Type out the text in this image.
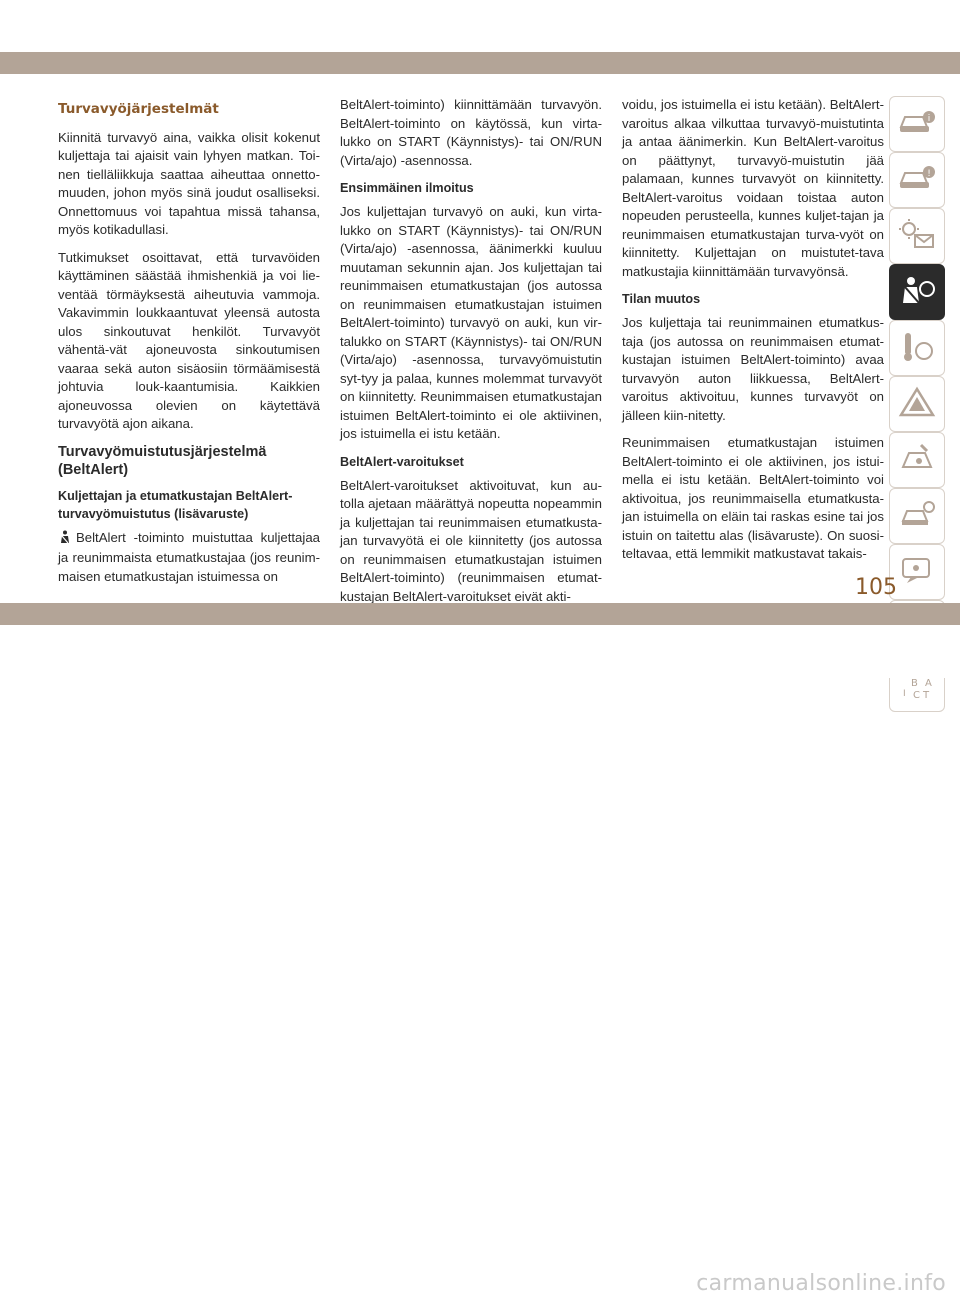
Turvavyöjärjestelmät

Kiinnitä turvavyö aina, vaikka olisit kokenut kuljettaja tai ajaisit vain lyhyen matkan. Toi-nen tielläliikkuja saattaa aiheuttaa onnetto-muuden, johon myös sinä joudut osalliseksi. Onnettomuus voi tapahtua missä tahansa, myös kotikadullasi.

Tutkimukset osoittavat, että turvavöiden käyttäminen säästää ihmishenkiä ja voi lie-ventää törmäyksestä aiheutuvia vammoja. Vakavimmin loukkaantuvat yleensä autosta ulos sinkoutuvat henkilöt. Turvavyöt vähentä-vät ajoneuvosta sinkoutumisen vaaraa sekä auton sisäosiin törmäämisestä johtuvia louk-kaantumisia. Kaikkien ajoneuvossa olevien on käytettävä turvavyötä ajon aikana.

Turvavyömuistutusjärjestelmä (BeltAlert)
Kuljettajan ja etumatkustajan BeltAlert-turvavyömuistutus (lisävaruste)

BeltAlert -toiminto muistuttaa kuljettajaa ja reunimmaista etumatkustajaa (jos reunim-maisen etumatkustajan istuimessa on

BeltAlert-toiminto) kiinnittämään turvavyön. BeltAlert-toiminto on käytössä, kun virta-lukko on START (Käynnistys)- tai ON/RUN (Virta/ajo) -asennossa.

Ensimmäinen ilmoitus

Jos kuljettajan turvavyö on auki, kun virta-lukko on START (Käynnistys)- tai ON/RUN (Virta/ajo) -asennossa, äänimerkki kuuluu muutaman sekunnin ajan. Jos kuljettajan tai reunimmaisen etumatkustajan (jos autossa on reunimmaisen etumatkustajan istuimen BeltAlert-toiminto) turvavyö on auki, kun vir-talukko on START (Käynnistys)- tai ON/RUN (Virta/ajo) -asennossa, turvavyömuistutin syt-tyy ja palaa, kunnes molemmat turvavyöt on kiinnitetty. Reunimmaisen etumatkustajan istuimen BeltAlert-toiminto ei ole aktiivinen, jos istuimella ei istu ketään.

BeltAlert-varoitukset

BeltAlert-varoitukset aktivoituvat, kun au-tolla ajetaan määrättyä nopeutta nopeammin ja kuljettajan tai reunimmaisen etumatkusta-jan turvavyötä ei ole kiinnitetty (jos autossa on reunimmaisen etumatkustajan istuimen BeltAlert-toiminto) (reunimmaisen etumat-kustajan BeltAlert-varoitukset eivät akti-

voidu, jos istuimella ei istu ketään). BeltAlert-varoitus alkaa vilkuttaa turvavyö-muistutinta ja antaa äänimerkin. Kun BeltAlert-varoitus on päättynyt, turvavyö-muistutin jää palamaan, kunnes turvavyöt on kiinnitetty. BeltAlert-varoitus voidaan toistaa auton nopeuden perusteella, kunnes kuljet-tajan ja reunimmaisen etumatkustajan turva-vyöt on kiinnitetty. Kuljettajan on muistutet-tava matkustajia kiinnittämään turvavyönsä.

Tilan muutos

Jos kuljettaja tai reunimmainen etumatkus-taja (jos autossa on reunimmaisen etumat-kustajan istuimen BeltAlert-toiminto) avaa turvavyön auton liikkuessa, BeltAlert-varoitus aktivoituu, kunnes turvavyöt on jälleen kiin-nitetty.

Reunimmaisen etumatkustajan istuimen BeltAlert-toiminto ei ole aktiivinen, jos istui-mella ei istu ketään. BeltAlert-toiminto voi aktivoitua, jos reunimmaisella etumatkusta-jan istuimella on eläin tai raskas esine tai jos istuin on taitettu alas (lisävaruste). On suosi-teltavaa, että lemmikit matkustavat takais-

i
!
B A
I C T
105
carmanualsonline.info
